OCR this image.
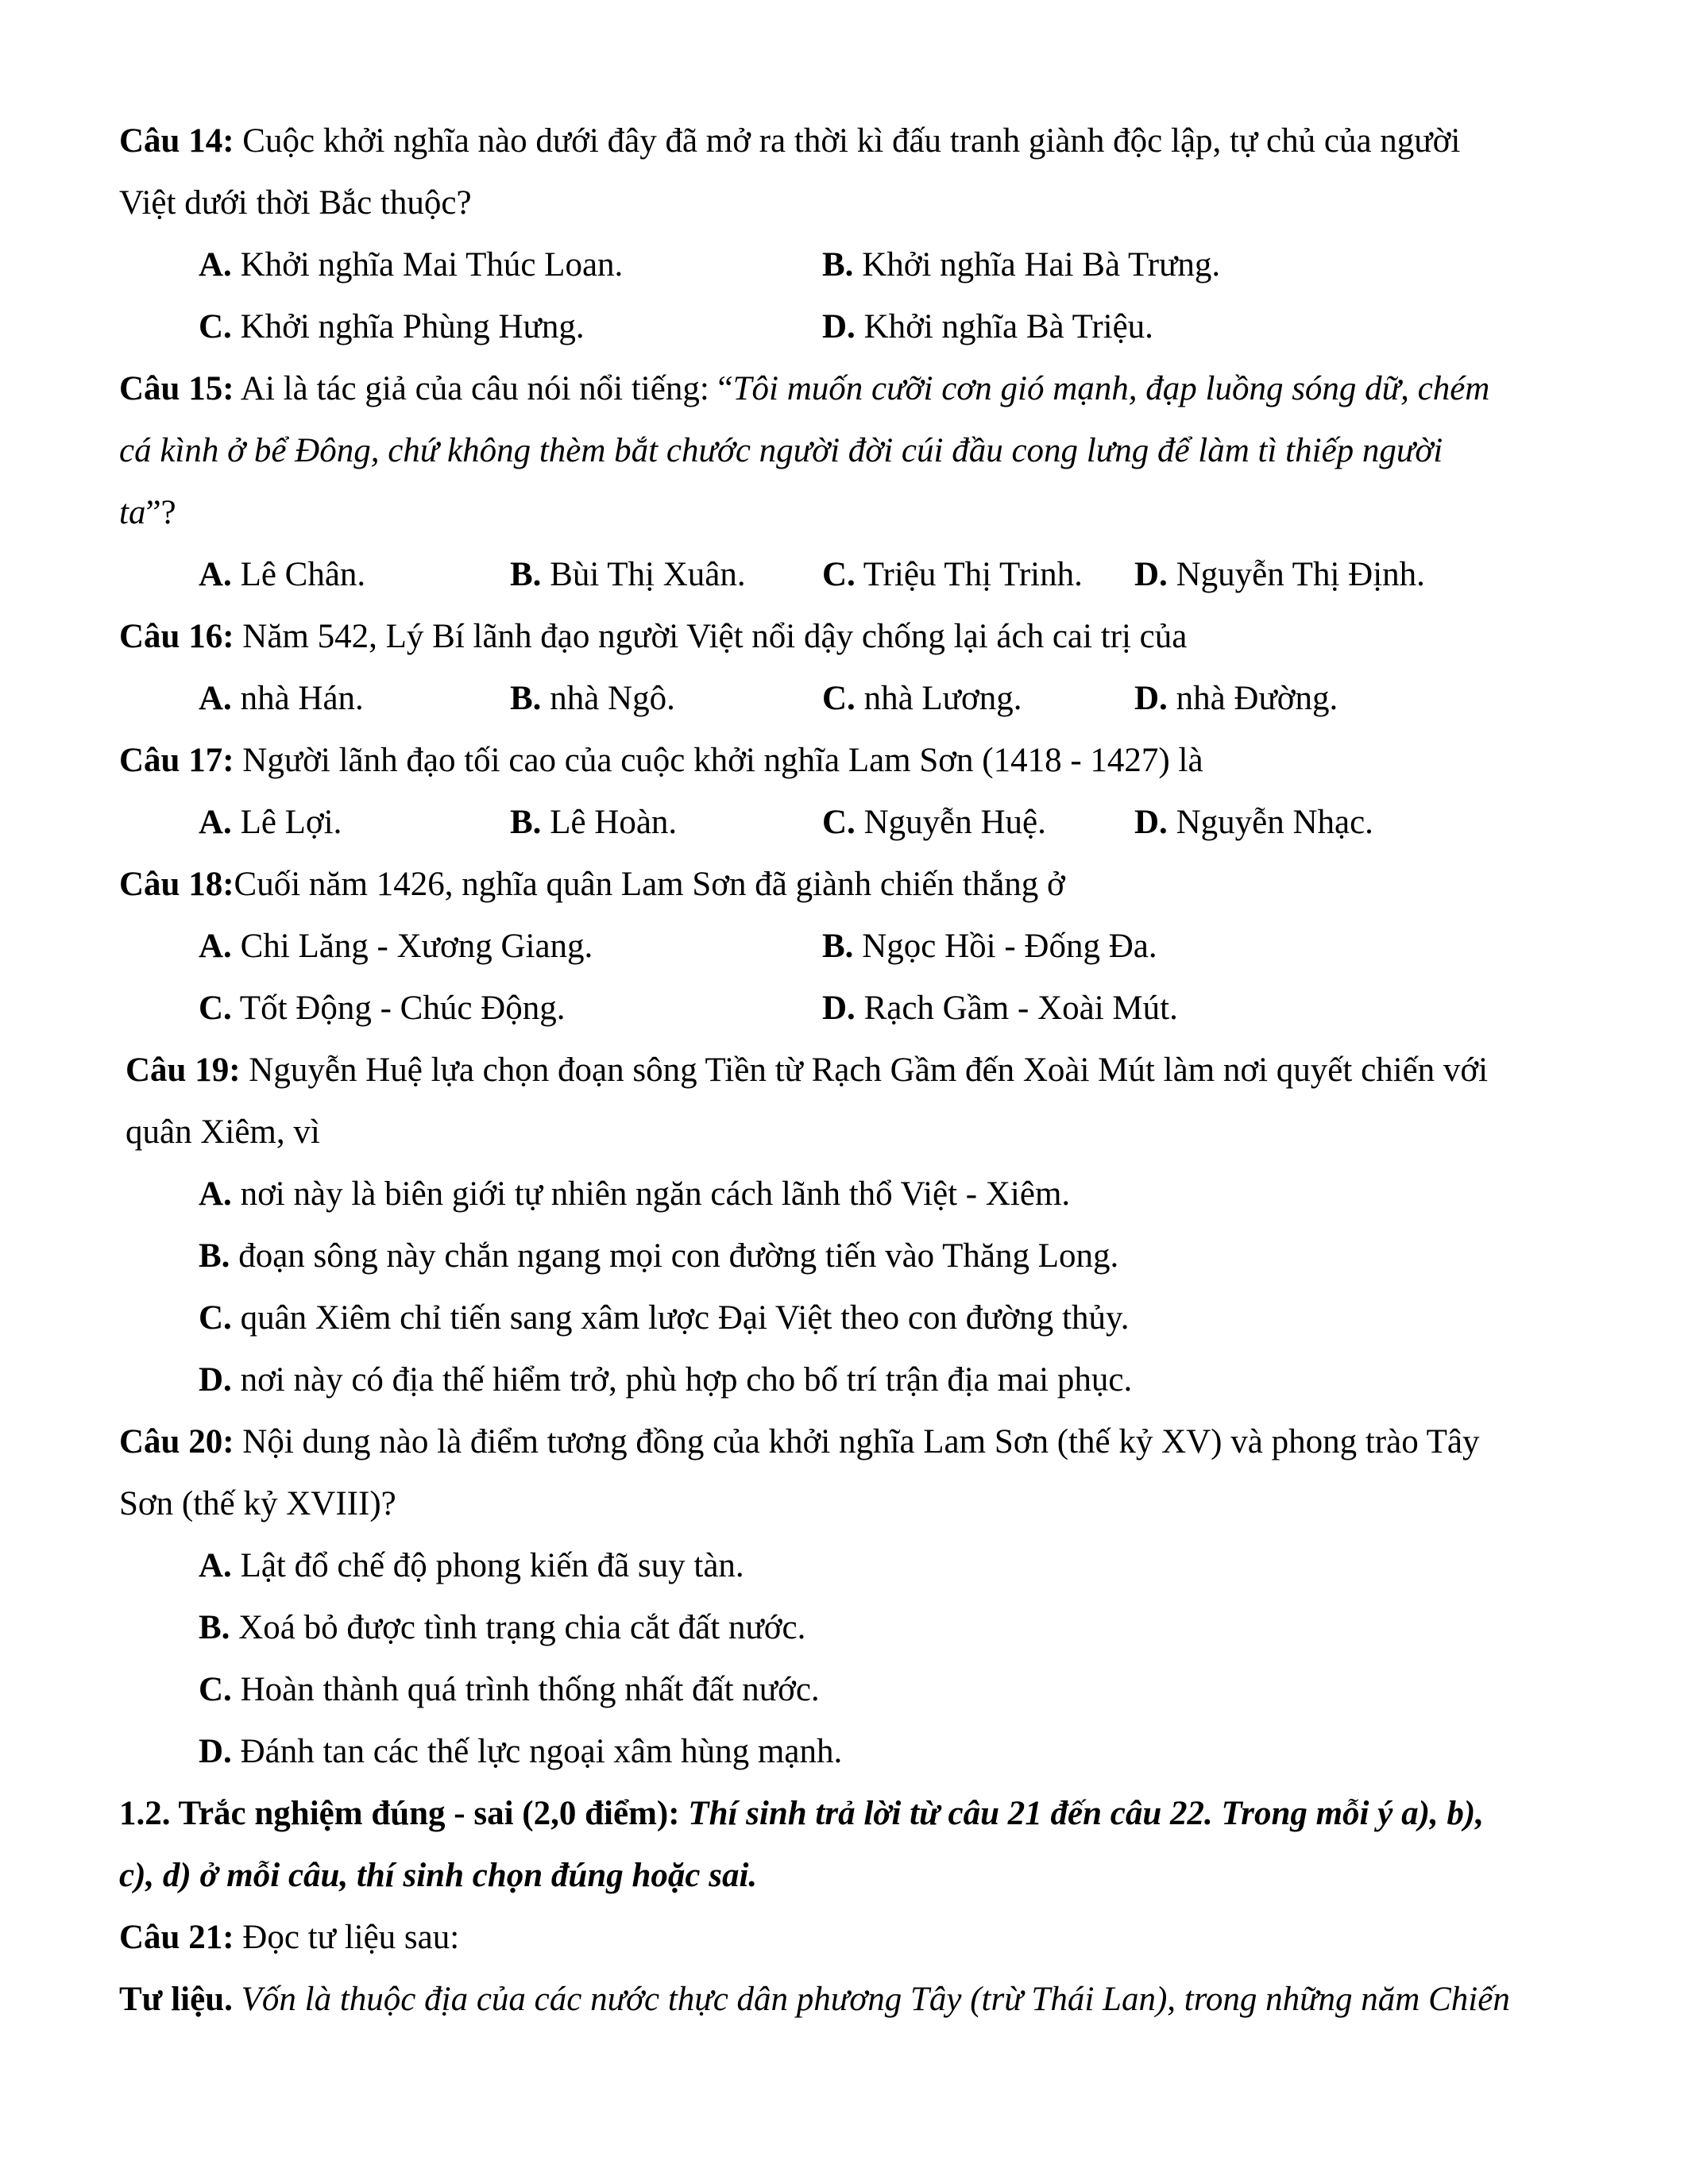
Câu 14: Cuộc khởi nghĩa nào dưới đây đã mở ra thời kì đấu tranh giành độc lập, tự chủ của người
Việt dưới thời Bắc thuộc?
A. Khởi nghĩa Mai Thúc Loan.	B. Khởi nghĩa Hai Bà Trưng.
C. Khởi nghĩa Phùng Hưng.	D. Khởi nghĩa Bà Triệu.
Câu 15: Ai là tác giả của câu nói nổi tiếng: “Tôi muốn cưỡi cơn gió mạnh, đạp luồng sóng dữ, chém
cá kình ở bể Đông, chứ không thèm bắt chước người đời cúi đầu cong lưng để làm tì thiếp người
ta”?
A. Lê Chân.	B. Bùi Thị Xuân. C. Triệu Thị Trinh. D. Nguyễn Thị Định.
Câu 16: Năm 542, Lý Bí lãnh đạo người Việt nổi dậy chống lại ách cai trị của
A. nhà Hán.	B. nhà Ngô.	C. nhà Lương.	D. nhà Đường.
Câu 17: Người lãnh đạo tối cao của cuộc khởi nghĩa Lam Sơn (1418 - 1427) là
A. Lê Lợi.	B. Lê Hoàn.	C. Nguyễn Huệ.	D. Nguyễn Nhạc.
Câu 18:Cuối năm 1426, nghĩa quân Lam Sơn đã giành chiến thắng ở
A. Chi Lăng - Xương Giang.	B. Ngọc Hồi - Đống Đa.
C. Tốt Động - Chúc Động.	D. Rạch Gầm - Xoài Mút.
Câu 19: Nguyễn Huệ lựa chọn đoạn sông Tiền từ Rạch Gầm đến Xoài Mút làm nơi quyết chiến với
quân Xiêm, vì
A. nơi này là biên giới tự nhiên ngăn cách lãnh thổ Việt - Xiêm.
B. đoạn sông này chắn ngang mọi con đường tiến vào Thăng Long.
C. quân Xiêm chỉ tiến sang xâm lược Đại Việt theo con đường thủy.
D. nơi này có địa thế hiểm trở, phù hợp cho bố trí trận địa mai phục.
Câu 20: Nội dung nào là điểm tương đồng của khởi nghĩa Lam Sơn (thế kỷ XV) và phong trào Tây
Sơn (thế kỷ XVIII)?
A. Lật đổ chế độ phong kiến đã suy tàn.
B. Xoá bỏ được tình trạng chia cắt đất nước.
C. Hoàn thành quá trình thống nhất đất nước.
D. Đánh tan các thế lực ngoại xâm hùng mạnh.
1.2. Trắc nghiệm đúng - sai (2,0 điểm): Thí sinh trả lời từ câu 21 đến câu 22. Trong mỗi ý a), b),
c), d) ở mỗi câu, thí sinh chọn đúng hoặc sai.
Câu 21: Đọc tư liệu sau:
Tư liệu. Vốn là thuộc địa của các nước thực dân phương Tây (trừ Thái Lan), trong những năm Chiến
